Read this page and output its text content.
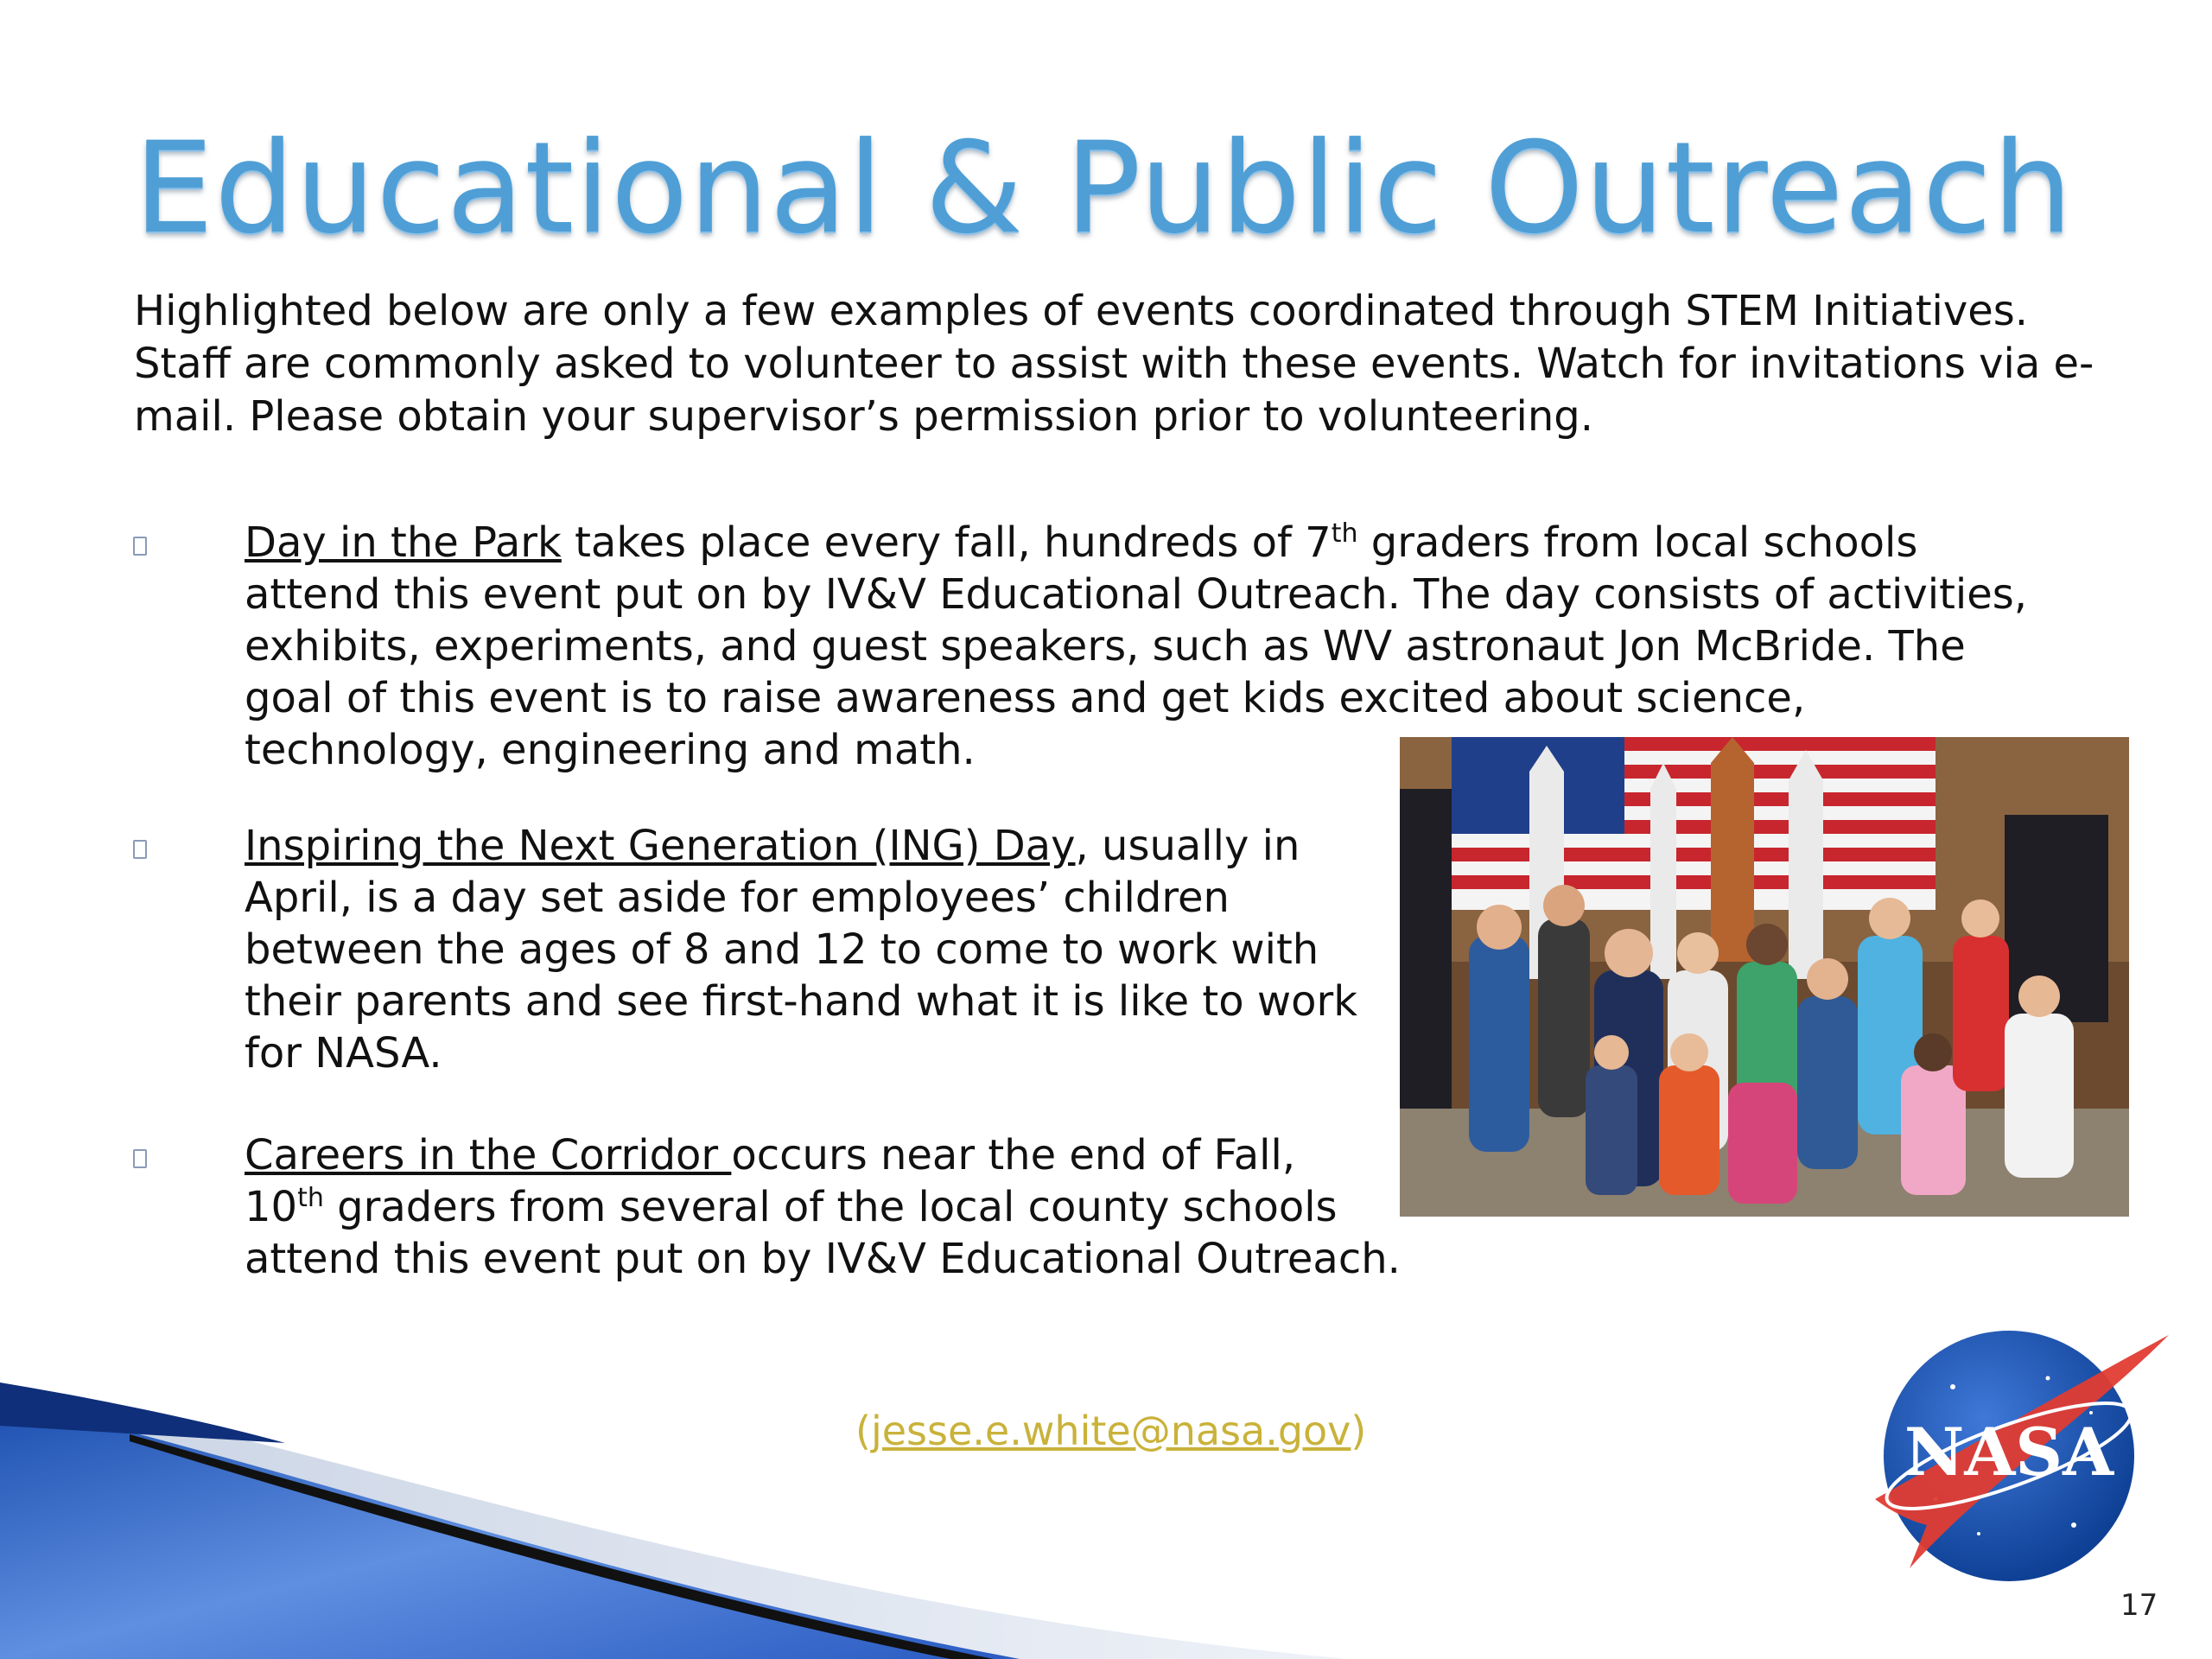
Educational & Public Outreach
Highlighted below are only a few examples of events coordinated through STEM Initiatives. Staff are commonly asked to volunteer to assist with these events. Watch for invitations via e-mail. Please obtain your supervisor’s permission prior to volunteering.
Day in the Park takes place every fall, hundreds of 7th graders from local schools attend this event put on by IV&V Educational Outreach. The day consists of activities, exhibits, experiments, and guest speakers, such as WV astronaut Jon McBride. The goal of this event is to raise awareness and get kids excited about science, technology, engineering and math.
Inspiring the Next Generation (ING) Day, usually in April, is a day set aside for employees’ children between the ages of 8 and 12 to come to work with their parents and see first-hand what it is like to work for NASA.
Careers in the Corridor occurs near the end of Fall,
10th graders from several of the local county schools attend this event put on by IV&V Educational Outreach.
(jesse.e.white@nasa.gov)	NASA
17
